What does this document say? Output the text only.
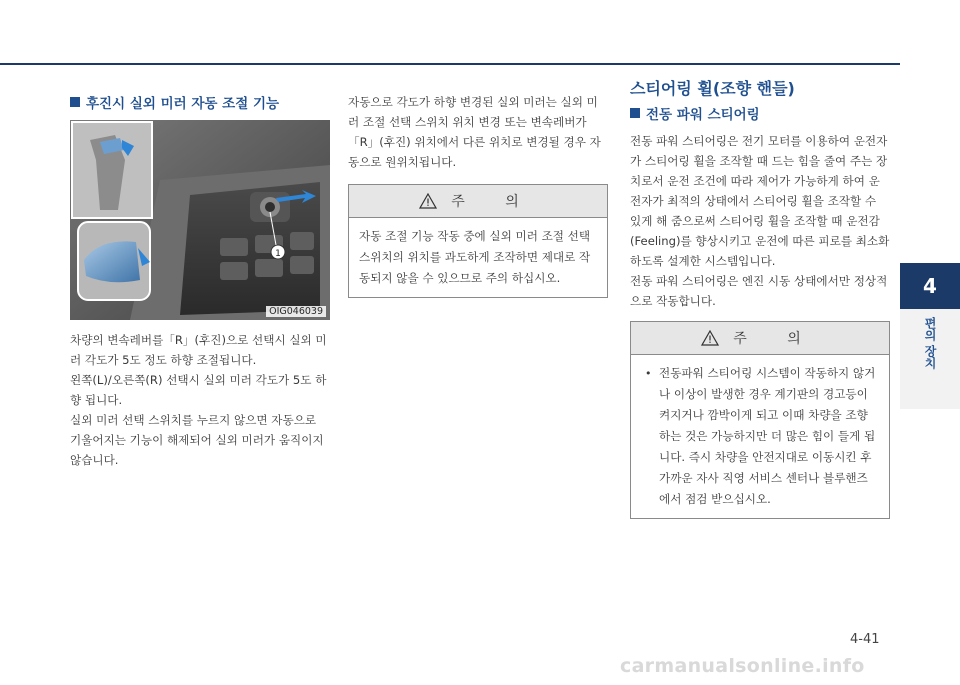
후진시 실외 미러 자동 조절 기능
1
OIG046039

차량의 변속레버를「R」(후진)으로 선택시 실외 미러 각도가 5도 정도 하향 조절됩니다.

왼쪽(L)/오른쪽(R) 선택시 실외 미러 각도가 5도 하향 됩니다.

실외 미러 선택 스위치를 누르지 않으면 자동으로 기울어지는 기능이 해제되어 실외 미러가 움직이지 않습니다.

자동으로 각도가 하향 변경된 실외 미러는 실외 미러 조절 선택 스위치 위치 변경 또는 변속레버가「R」(후진) 위치에서 다른 위치로 변경될 경우 자동으로 원위치됩니다.

주 의
자동 조절 기능 작동 중에 실외 미러 조절 선택 스위치의 위치를 과도하게 조작하면 제대로 작동되지 않을 수 있으므로 주의 하십시오.
스티어링 휠(조향 핸들)
전동 파워 스티어링

전동 파워 스티어링은 전기 모터를 이용하여 운전자가 스티어링 휠을 조작할 때 드는 힘을 줄여 주는 장치로서 운전 조건에 따라 제어가 가능하게 하여 운전자가 최적의 상태에서 스티어링 휠을 조작할 수 있게 해 줌으로써 스티어링 휠을 조작할 때 운전감(Feeling)를 향상시키고 운전에 따른 피로를 최소화하도록 설계한 시스템입니다.

전동 파워 스티어링은 엔진 시동 상태에서만 정상적으로 작동합니다.

주 의
• 전동파워 스티어링 시스템이 작동하지 않거나 이상이 발생한 경우 계기판의 경고등이 켜지거나 깜박이게 되고 이때 차량을 조향하는 것은 가능하지만 더 많은 힘이 들게 됩니다. 즉시 차량을 안전지대로 이동시킨 후 가까운 자사 직영 서비스 센터나 블루핸즈에서 점검 받으십시오.
4
편의 장치
4-41
carmanualsonline.info
